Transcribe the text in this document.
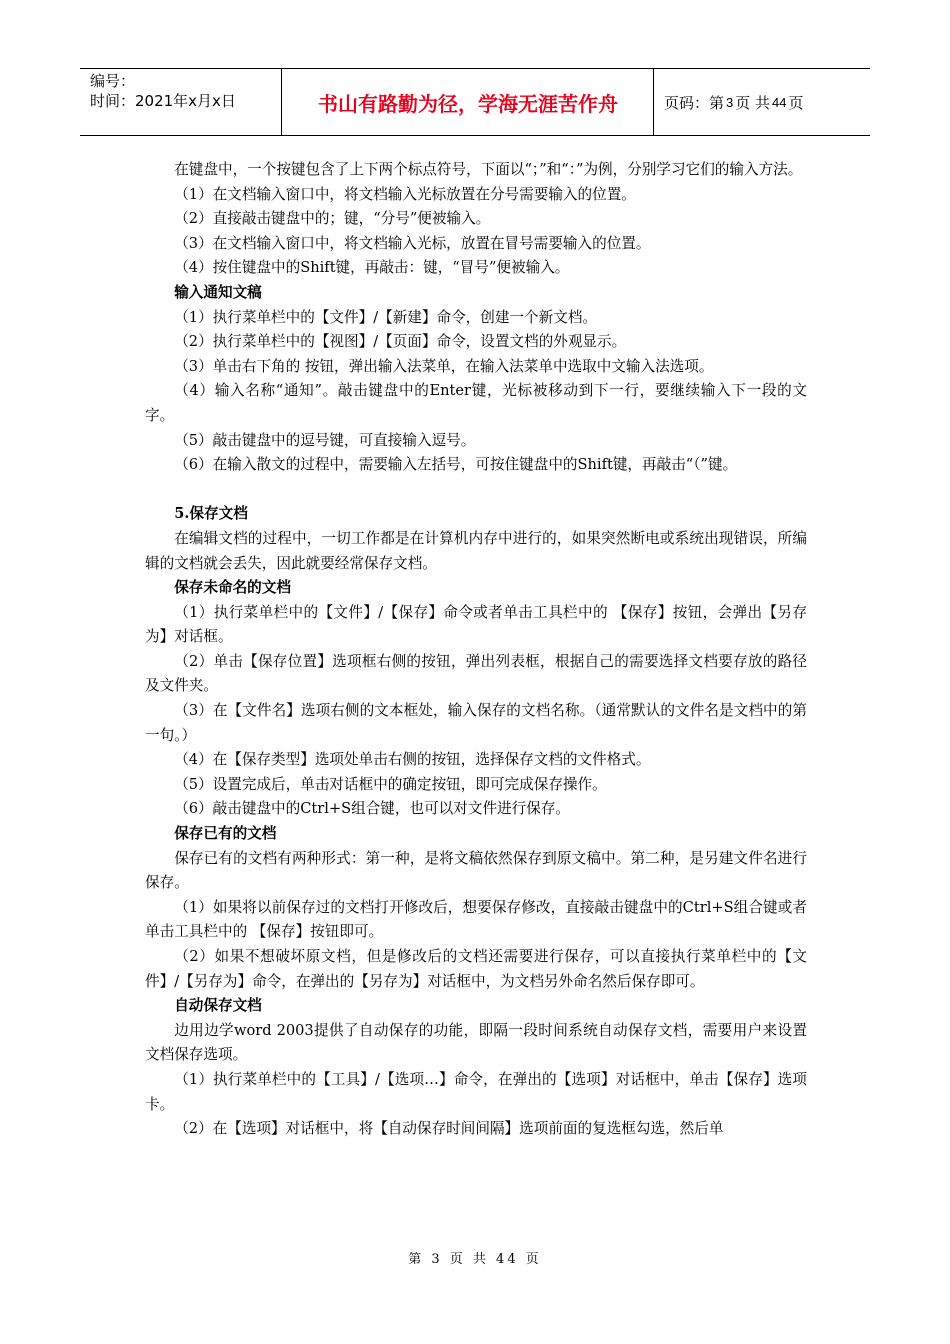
编号：
时间：2021年x月x日	书山有路勤为径，学海无涯苦作舟	页码：第 3 页 共 44 页

在键盘中，一个按键包含了上下两个标点符号，下面以“；”和“：”为例，分别学习它们的输入方法。

（1）在文档输入窗口中，将文档输入光标放置在分号需要输入的位置。

（2）直接敲击键盘中的；键，“分号”便被输入。

（3）在文档输入窗口中，将文档输入光标，放置在冒号需要输入的位置。

（4）按住键盘中的Shift键，再敲击：键，“冒号”便被输入。

输入通知文稿

（1）执行菜单栏中的【文件】/【新建】命令，创建一个新文档。

（2）执行菜单栏中的【视图】/【页面】命令，设置文档的外观显示。

（3）单击右下角的 按钮，弹出输入法菜单，在输入法菜单中选取中文输入法选项。

（4）输入名称“通知”。敲击键盘中的Enter键，光标被移动到下一行，要继续输入下一段的文字。

（5）敲击键盘中的逗号键，可直接输入逗号。

（6）在输入散文的过程中，需要输入左括号，可按住键盘中的Shift键，再敲击“（”键。

5.保存文档

在编辑文档的过程中，一切工作都是在计算机内存中进行的，如果突然断电或系统出现错误，所编辑的文档就会丢失，因此就要经常保存文档。

保存未命名的文档

（1）执行菜单栏中的【文件】/【保存】命令或者单击工具栏中的 【保存】按钮，会弹出【另存为】对话框。

（2）单击【保存位置】选项框右侧的按钮，弹出列表框，根据自己的需要选择文档要存放的路径及文件夹。

（3）在【文件名】选项右侧的文本框处，输入保存的文档名称。（通常默认的文件名是文档中的第一句。）

（4）在【保存类型】选项处单击右侧的按钮，选择保存文档的文件格式。

（5）设置完成后，单击对话框中的确定按钮，即可完成保存操作。

（6）敲击键盘中的Ctrl+S组合键，也可以对文件进行保存。

保存已有的文档

保存已有的文档有两种形式：第一种，是将文稿依然保存到原文稿中。第二种，是另建文件名进行保存。

（1）如果将以前保存过的文档打开修改后，想要保存修改，直接敲击键盘中的Ctrl+S组合键或者单击工具栏中的 【保存】按钮即可。

（2）如果不想破坏原文档，但是修改后的文档还需要进行保存，可以直接执行菜单栏中的【文件】/【另存为】命令，在弹出的【另存为】对话框中，为文档另外命名然后保存即可。

自动保存文档

边用边学word 2003提供了自动保存的功能，即隔一段时间系统自动保存文档，需要用户来设置文档保存选项。

（1）执行菜单栏中的【工具】/【选项…】命令，在弹出的【选项】对话框中，单击【保存】选项卡。

（2）在【选项】对话框中，将【自动保存时间间隔】选项前面的复选框勾选，然后单

第 3 页 共 44 页
